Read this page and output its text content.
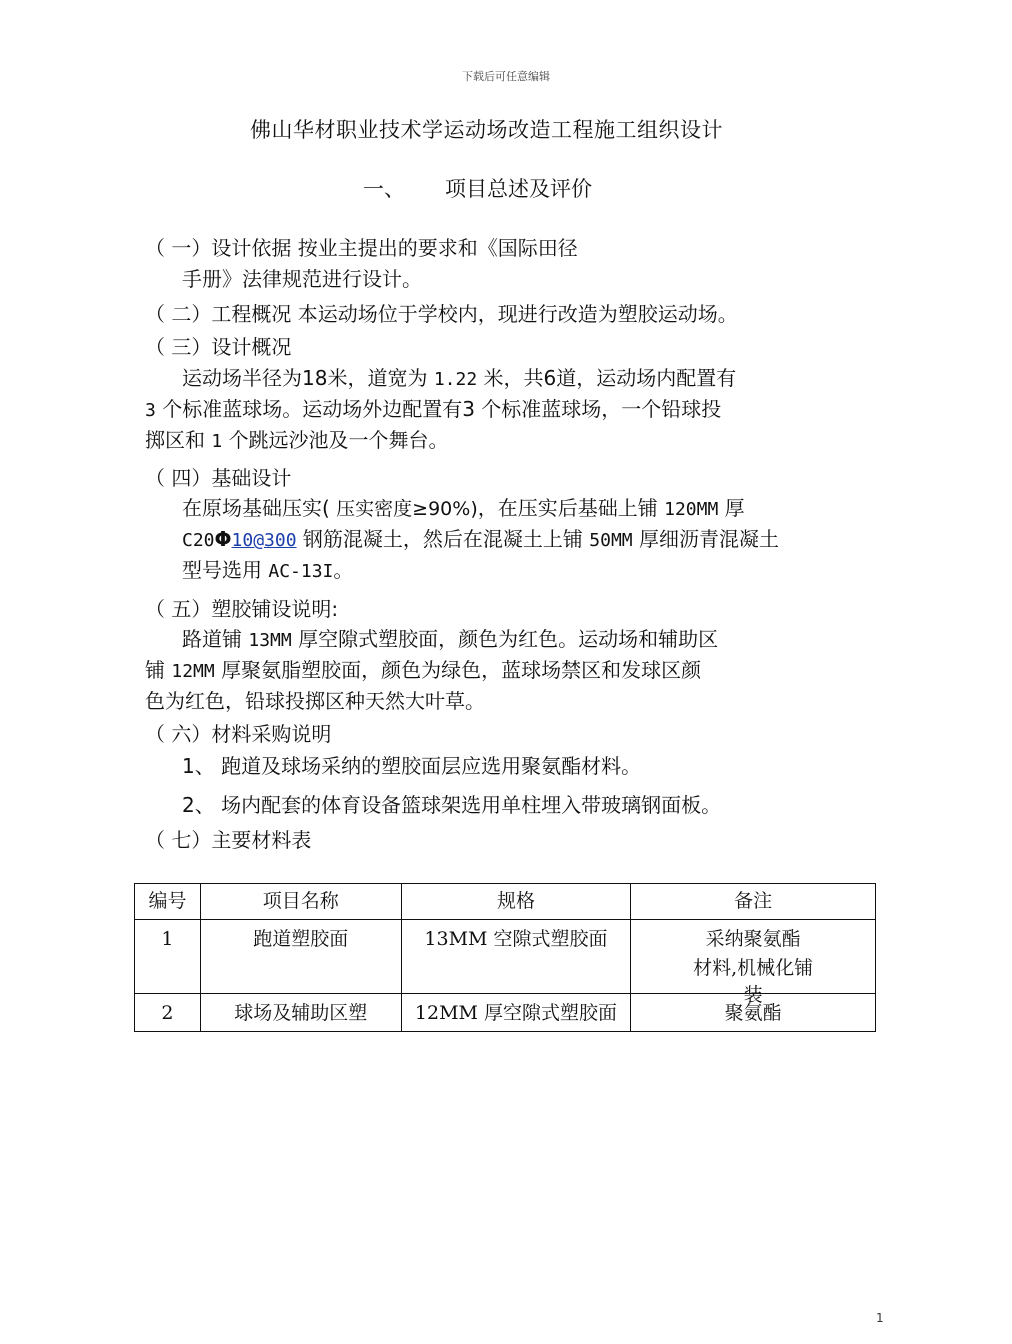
下载后可任意编辑
佛山华材职业技术学运动场改造工程施工组织设计
一、 项目总述及评价
（ 一）设计依据 按业主提出的要求和《国际田径
手册》法律规范进行设计。
（ 二）工程概况 本运动场位于学校内，现进行改造为塑胶运动场。
（ 三）设计概况
运动场半径为18米，道宽为 1.22 米，共6道，运动场内配置有
3 个标准蓝球场。运动场外边配置有3 个标准蓝球场，一个铅球投
掷区和 1 个跳远沙池及一个舞台。
（ 四）基础设计
在原场基础压实( 压实密度≥90%)，在压实后基础上铺 120MM 厚
C20Φ10@300 钢筋混凝土，然后在混凝土上铺 50MM 厚细沥青混凝土
型号选用 AC-13I。
（ 五）塑胶铺设说明:
路道铺 13MM 厚空隙式塑胶面，颜色为红色。运动场和辅助区
铺 12MM 厚聚氨脂塑胶面，颜色为绿色，蓝球场禁区和发球区颜
色为红色，铅球投掷区种天然大叶草。
（ 六）材料采购说明
1、 跑道及球场采纳的塑胶面层应选用聚氨酯材料。
2、 场内配套的体育设备篮球架选用单柱埋入带玻璃钢面板。
（ 七）主要材料表
编号	项目名称	规格	备注
1	跑道塑胶面	13MM 空隙式塑胶面	采纳聚氨酯
材料,机械化铺
装

2	球场及辅助区塑	12MM 厚空隙式塑胶面	聚氨酯
1
